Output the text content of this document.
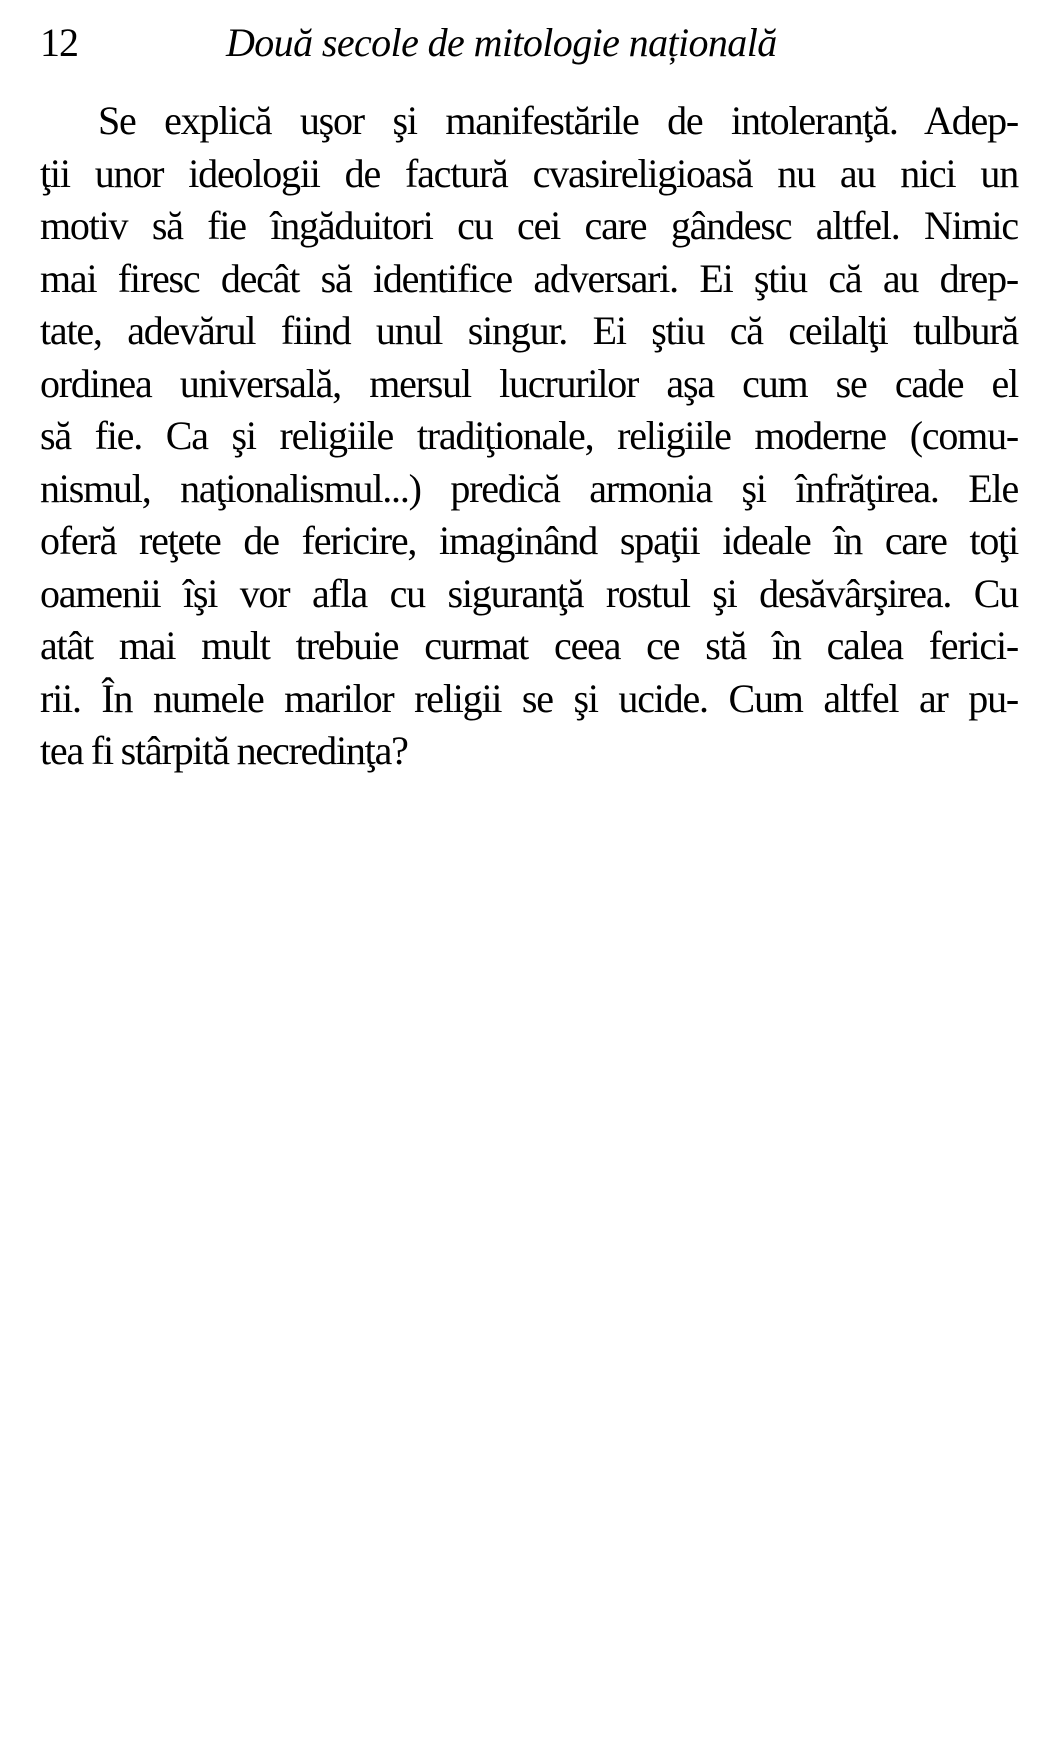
12	Două secole de mitologie națională
Se explică uşor şi manifestările de intoleranţă. Adep-
ţii unor ideologii de factură cvasireligioasă nu au nici un
motiv să fie îngăduitori cu cei care gândesc altfel. Nimic
mai firesc decât să identifice adversari. Ei ştiu că au drep-
tate, adevărul fiind unul singur. Ei ştiu că ceilalţi tulbură
ordinea universală, mersul lucrurilor aşa cum se cade el
să fie. Ca şi religiile tradiţionale, religiile moderne (comu-
nismul, naţionalismul...) predică armonia şi înfrăţirea. Ele
oferă reţete de fericire, imaginând spaţii ideale în care toţi
oamenii îşi vor afla cu siguranţă rostul şi desăvârşirea. Cu
atât mai mult trebuie curmat ceea ce stă în calea ferici-
rii. În numele marilor religii se şi ucide. Cum altfel ar pu-
tea fi stârpită necredinţa?
